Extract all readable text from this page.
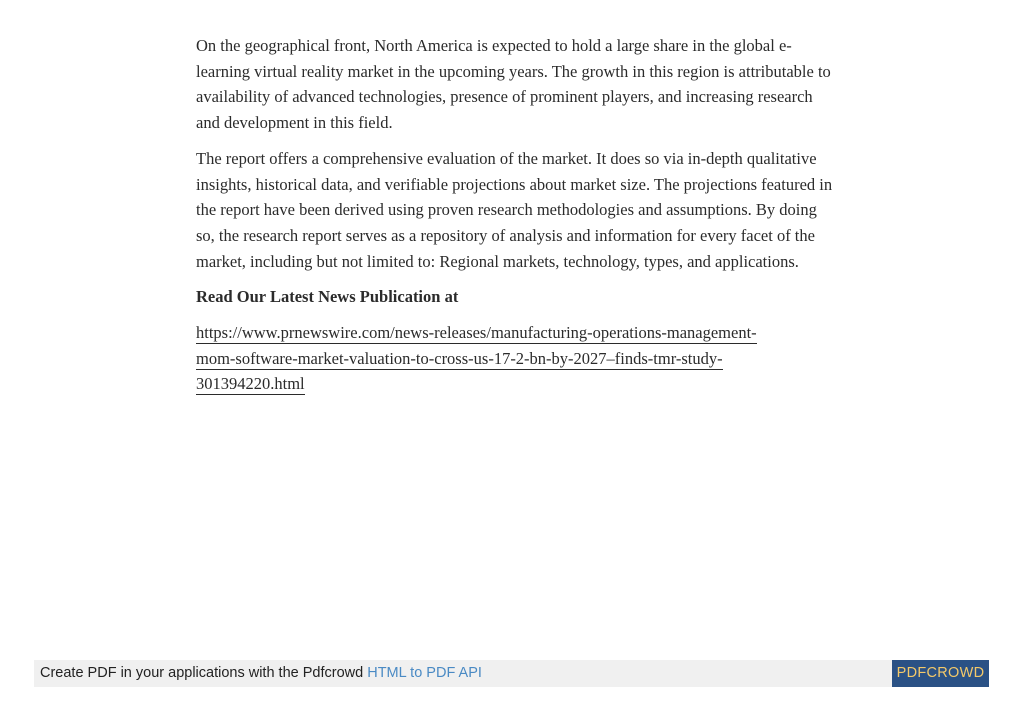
On the geographical front, North America is expected to hold a large share in the global e-learning virtual reality market in the upcoming years. The growth in this region is attributable to availability of advanced technologies, presence of prominent players, and increasing research and development in this field.

The report offers a comprehensive evaluation of the market. It does so via in-depth qualitative insights, historical data, and verifiable projections about market size. The projections featured in the report have been derived using proven research methodologies and assumptions. By doing so, the research report serves as a repository of analysis and information for every facet of the market, including but not limited to: Regional markets, technology, types, and applications.

Read Our Latest News Publication at

https://www.prnewswire.com/news-releases/manufacturing-operations-management-
mom-software-market-valuation-to-cross-us-17-2-bn-by-2027–finds-tmr-study-
301394220.html

Create PDF in your applications with the Pdfcrowd HTML to PDF API	PDFCROWD
